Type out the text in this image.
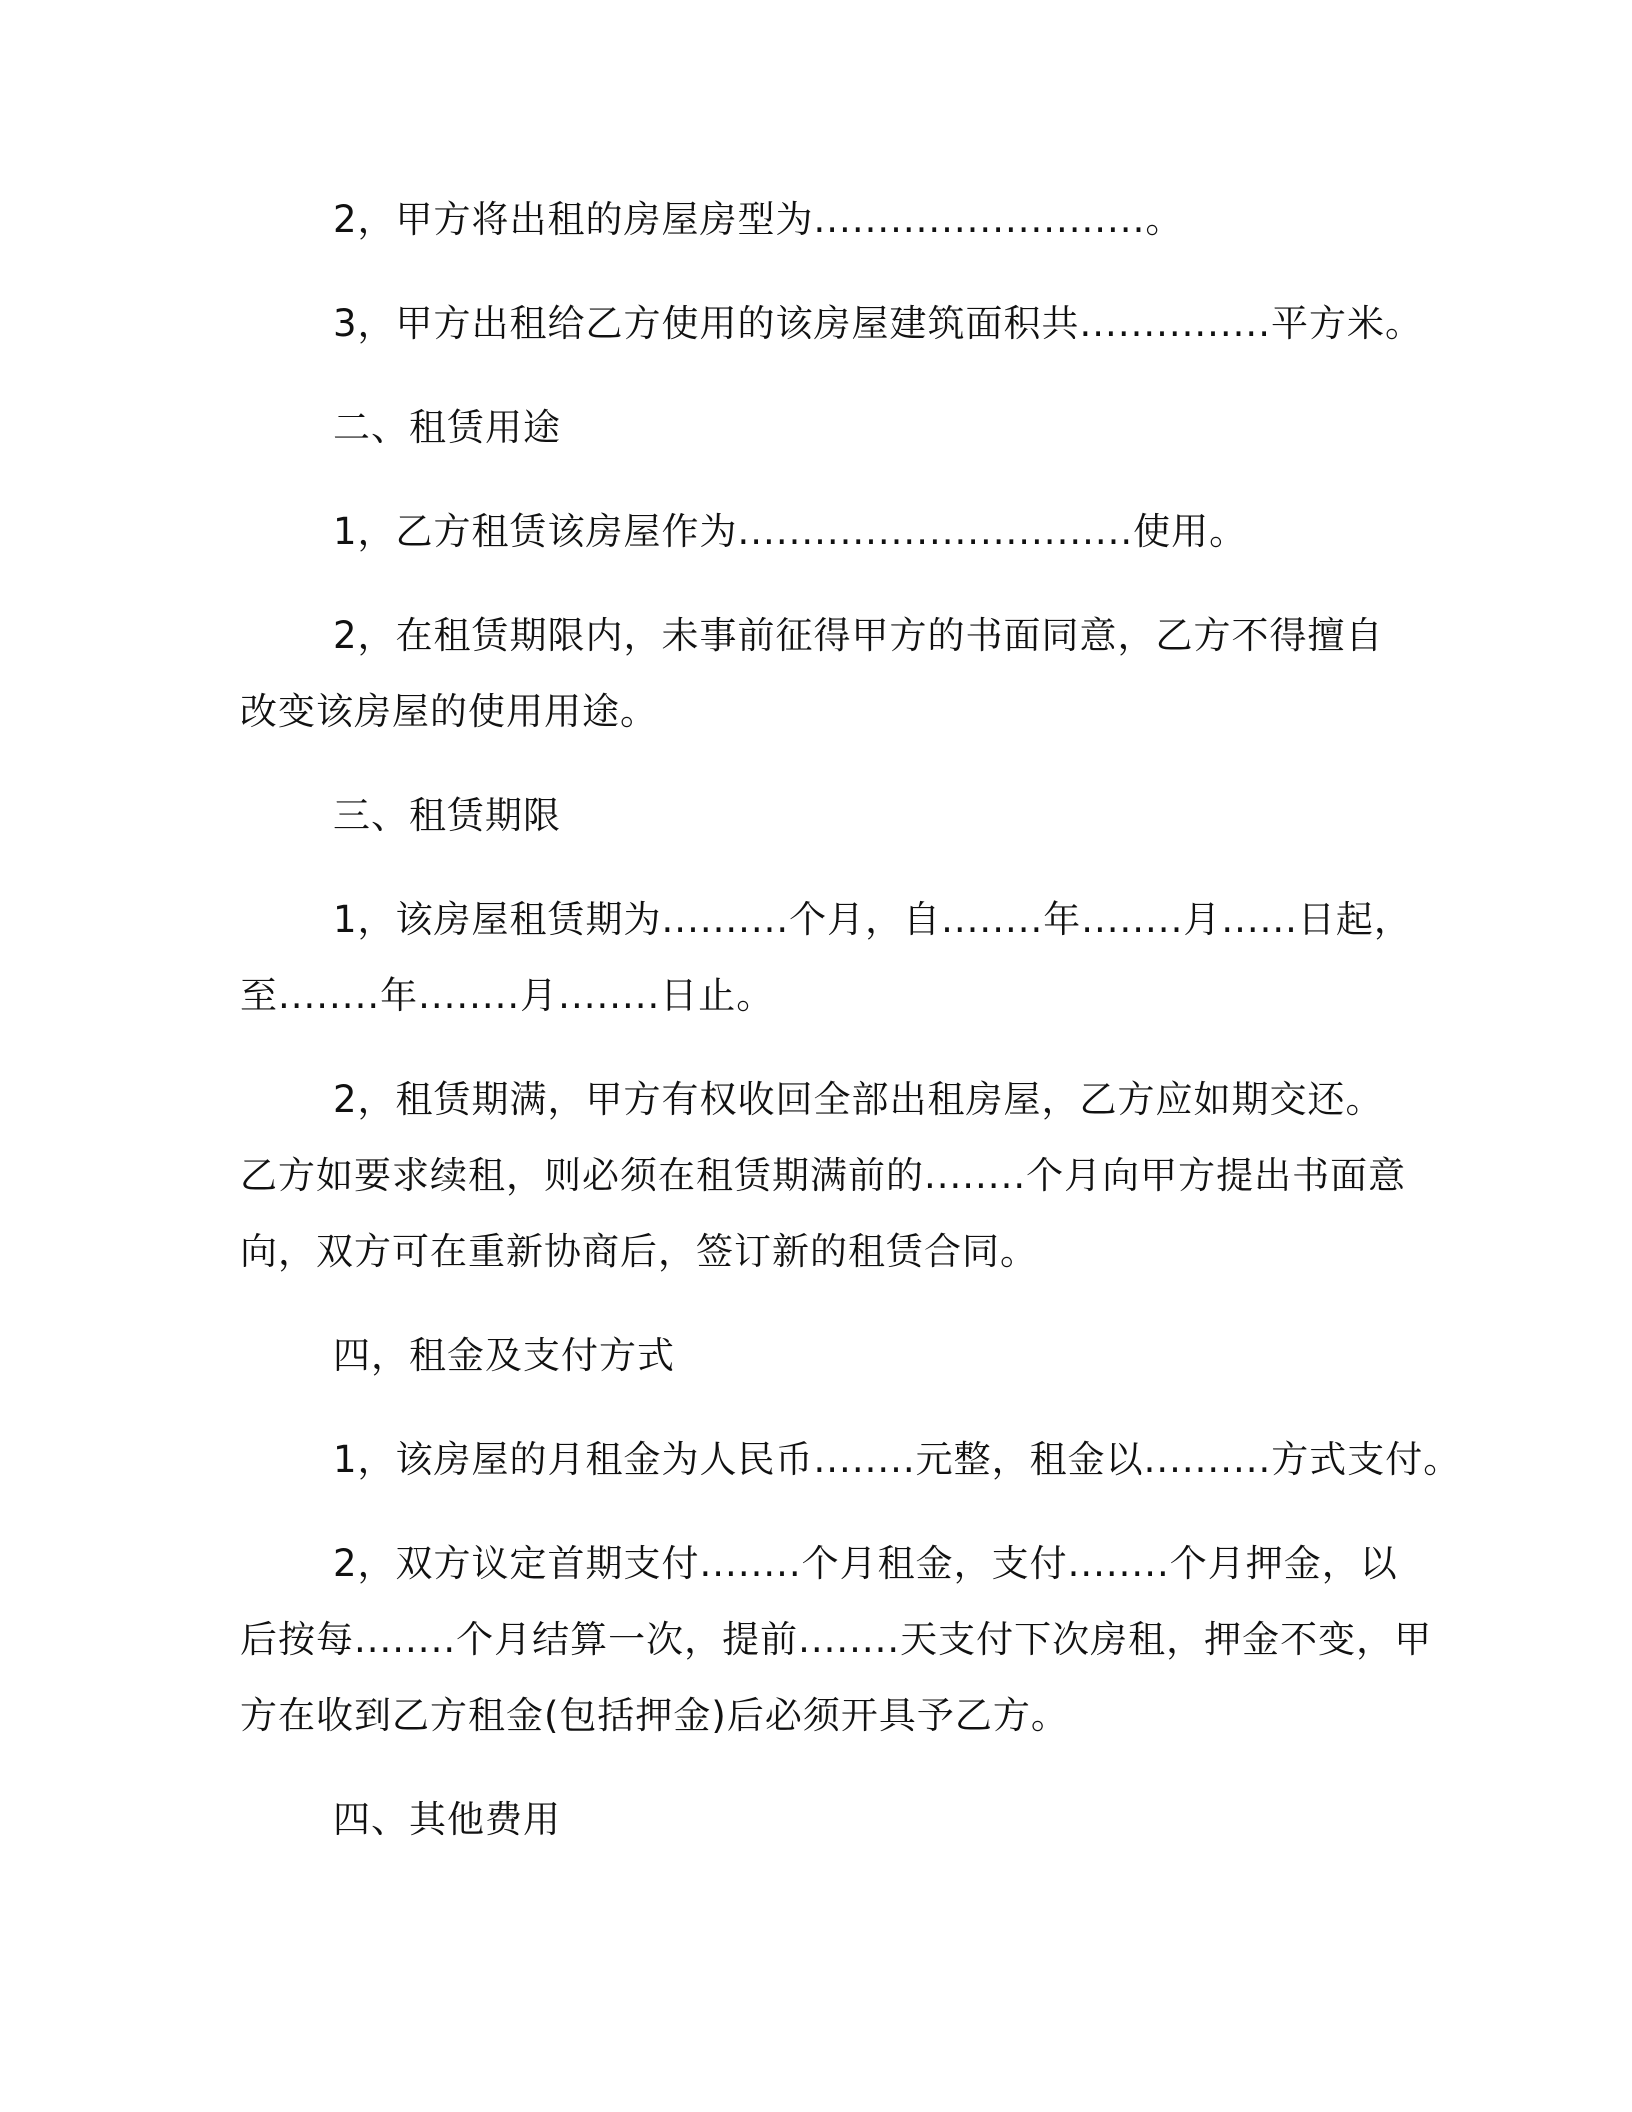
2，甲方将出租的房屋房型为..........................。

3，甲方出租给乙方使用的该房屋建筑面积共...............平方米。

二、租赁用途

1，乙方租赁该房屋作为...............................使用。

2，在租赁期限内，未事前征得甲方的书面同意，乙方不得擅自

改变该房屋的使用用途。

三、租赁期限

1，该房屋租赁期为..........个月，自........年........月......日起，

至........年........月........日止。

2，租赁期满，甲方有权收回全部出租房屋，乙方应如期交还。

乙方如要求续租，则必须在租赁期满前的........个月向甲方提出书面意

向，双方可在重新协商后，签订新的租赁合同。

四，租金及支付方式

1，该房屋的月租金为人民币........元整，租金以..........方式支付。

2，双方议定首期支付........个月租金，支付........个月押金，以

后按每........个月结算一次，提前........天支付下次房租，押金不变，甲

方在收到乙方租金(包括押金)后必须开具予乙方。

四、其他费用
